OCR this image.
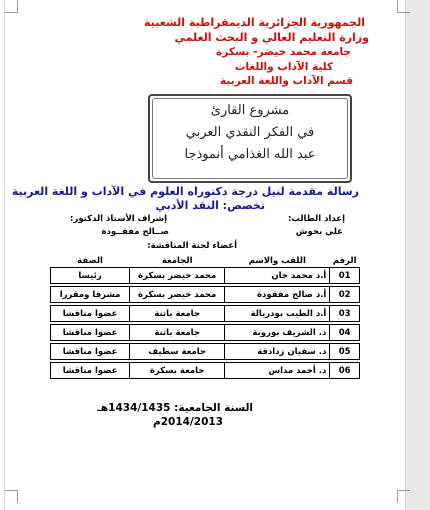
الجمهورية الجزائرية الديمقراطية الشعبية
وزارة التعليم العالي و البحث العلمي
جامعة محمد خيضر- بسكرة
كلية الآداب واللغات
قسم الآداب واللغة العربية
مشروع القارئ
في الفكر النقدي العربي
عبد الله الغذامي أنموذجا
رسالة مقدمة لنيل درجة دكتوراه العلوم في الآداب و اللغة العربية
تخصص: النقد الأدبي
إعداد الطالب:
علي بخوش
إشراف الأستاذ الدكتور:
صــالح مفقــودة
أعضاء لجنة المناقشة:
الرقم	اللقب والاسم	الجامعة	الصفة
01	أ.د محمد خان	محمد خيضر بسكرة	رئيسا

02	أ.د صالح مفقودة	محمد خيضر بسكرة	مشرفا ومقررا

03	أ.د الطيب بودربالة	جامعة باتنة	عضوا مناقشا

04	د. الشريف بوروبة	جامعة باتنة	عضوا مناقشا

05	د. سفيان زدادقة	جامعة سطيف	عضوا مناقشا

06	د. أحمد مداس	جامعة بسكرة	عضوا مناقشا
السنة الجامعية: 1434/1435هـ
2014/2013م
